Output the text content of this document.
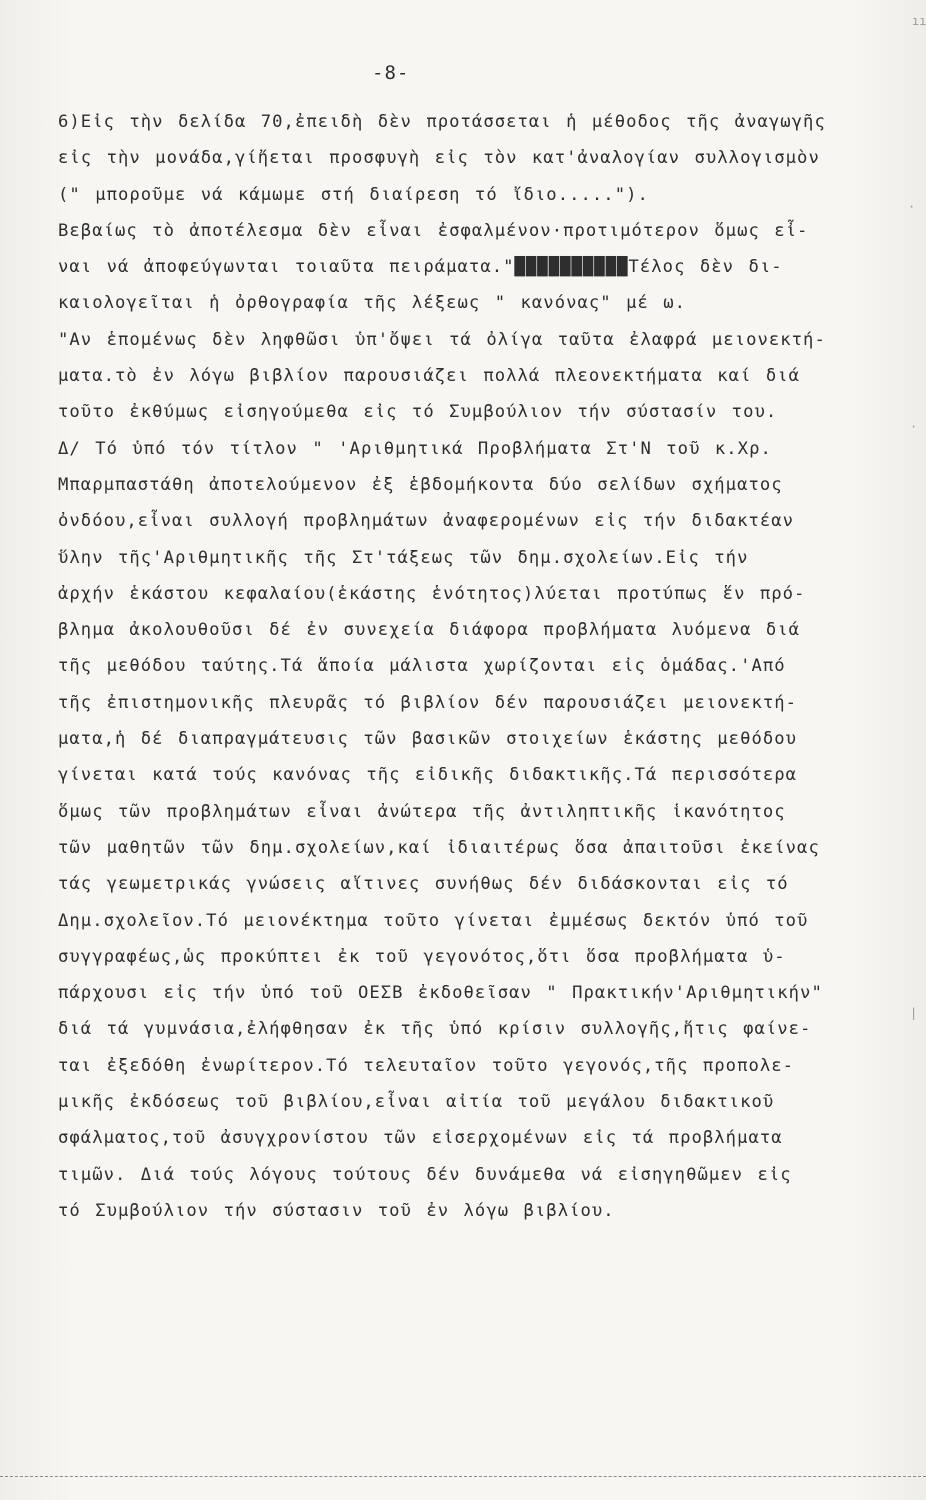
ıı
·
·
|
-8-
6)Εἰς τὴν δελίδα 70,ἐπειδὴ δὲν προτάσσεται ἡ μέθοδος τῆς ἀναγωγῆς
εἰς τὴν μονάδα,γίἤεται προσφυγὴ εἰς τὸν κατ'ἀναλογίαν συλλογισμὸν
(" μποροῦμε νά κάμωμε στή διαίρεση τό ἴδιο.....").
Βεβαίως τὸ ἀποτέλεσμα δὲν εἶναι ἐσφαλμένον·προτιμότερον ὅμως εἶ-
ναι νά ἀποφεύγωνται τοιαῦτα πειράματα."██████████Τέλος δὲν δι-
καιολογεῖται ἡ ὀρθογραφία τῆς λέξεως " κανόνας" μέ ω.
"Αν ἑπομένως δὲν ληφθῶσι ὑπ'ὄψει τά ὀλίγα ταῦτα ἐλαφρά μειονεκτή-
ματα.τὸ ἐν λόγω βιβλίον παρουσιάζει πολλά πλεονεκτήματα καί διά
τοῦτο ἐκθύμως εἰσηγούμεθα εἰς τό Συμβούλιον τήν σύστασίν του.
Δ/ Τό ὑπό τόν τίτλον " 'Αριθμητικά Προβλήματα Στ'Ν τοῦ κ.Χρ.
Μπαρμπαστάθη ἀποτελούμενον ἐξ ἑβδομήκοντα δύο σελίδων σχήματος
ὀνδόου,εἶναι συλλογή προβλημάτων ἀναφερομένων εἰς τήν διδακτέαν
ὕλην τῆς'Αριθμητικῆς τῆς Στ'τάξεως τῶν δημ.σχολείων.Εἰς τήν
ἀρχήν ἑκάστου κεφαλαίου(ἑκάστης ἑνότητος)λύεται προτύπως ἕν πρό-
βλημα ἀκολουθοῦσι δέ ἐν συνεχεία διάφορα προβλήματα λυόμενα διά
τῆς μεθόδου ταύτης.Τά ἅποία μάλιστα χωρίζονται εἰς ὁμάδας.'Από
τῆς ἐπιστημονικῆς πλευρᾶς τό βιβλίον δέν παρουσιάζει μειονεκτή-
ματα,ἡ δέ διαπραγμάτευσις τῶν βασικῶν στοιχείων ἑκάστης μεθόδου
γίνεται κατά τούς κανόνας τῆς εἰδικῆς διδακτικῆς.Τά περισσότερα
ὅμως τῶν προβλημάτων εἶναι ἀνώτερα τῆς ἀντιληπτικῆς ἱκανότητος
τῶν μαθητῶν τῶν δημ.σχολείων,καί ἰδιαιτέρως ὅσα ἀπαιτοῦσι ἐκείνας
τάς γεωμετρικάς γνώσεις αἵτινες συνήθως δέν διδάσκονται εἰς τό
Δημ.σχολεῖον.Τό μειονέκτημα τοῦτο γίνεται ἐμμέσως δεκτόν ὑπό τοῦ
συγγραφέως,ὡς προκύπτει ἐκ τοῦ γεγονότος,ὅτι ὅσα προβλήματα ὑ-
πάρχουσι εἰς τήν ὑπό τοῦ ΟΕΣΒ ἐκδοθεῖσαν " Πρακτικήν'Αριθμητικήν"
διά τά γυμνάσια,ἐλήφθησαν ἐκ τῆς ὑπό κρίσιν συλλογῆς,ἥτις φαίνε-
ται ἐξεδόθη ἐνωρίτερον.Τό τελευταῖον τοῦτο γεγονός,τῆς προπολε-
μικῆς ἐκδόσεως τοῦ βιβλίου,εἶναι αἰτία τοῦ μεγάλου διδακτικοῦ
σφάλματος,τοῦ ἀσυγχρονίστου τῶν εἰσερχομένων εἰς τά προβλήματα
τιμῶν. Διά τούς λόγους τούτους δέν δυνάμεθα νά εἰσηγηθῶμεν εἰς
τό Συμβούλιον τήν σύστασιν τοῦ ἐν λόγω βιβλίου.
